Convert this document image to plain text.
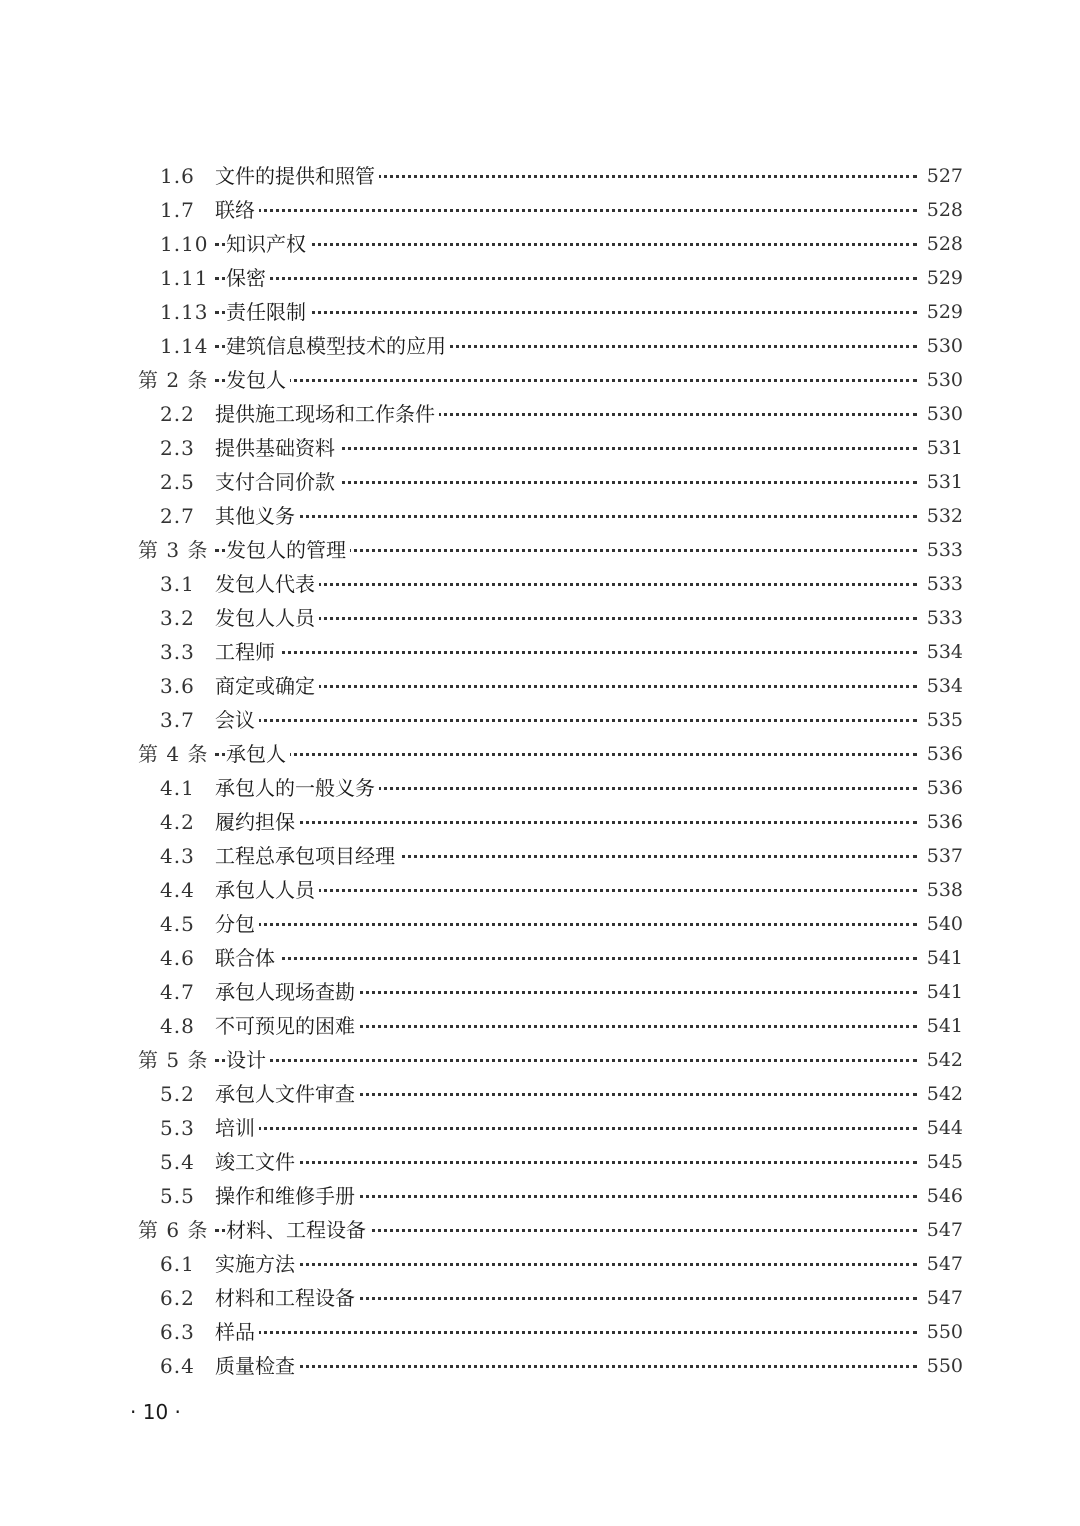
1.6 文件的提供和照管	527
1.7 联络	528
1.10 知识产权	528
1.11 保密	529
1.13 责任限制	529
1.14 建筑信息模型技术的应用	530
第 2 条 发包人	530
2.2 提供施工现场和工作条件	530
2.3 提供基础资料	531
2.5 支付合同价款	531
2.7 其他义务	532
第 3 条 发包人的管理	533
3.1 发包人代表	533
3.2 发包人人员	533
3.3 工程师	534
3.6 商定或确定	534
3.7 会议	535
第 4 条 承包人	536
4.1 承包人的一般义务	536
4.2 履约担保	536
4.3 工程总承包项目经理	537
4.4 承包人人员	538
4.5 分包	540
4.6 联合体	541
4.7 承包人现场查勘	541
4.8 不可预见的困难	541
第 5 条 设计	542
5.2 承包人文件审查	542
5.3 培训	544
5.4 竣工文件	545
5.5 操作和维修手册	546
第 6 条 材料、工程设备	547
6.1 实施方法	547
6.2 材料和工程设备	547
6.3 样品	550
6.4 质量检查	550
· 10 ·
